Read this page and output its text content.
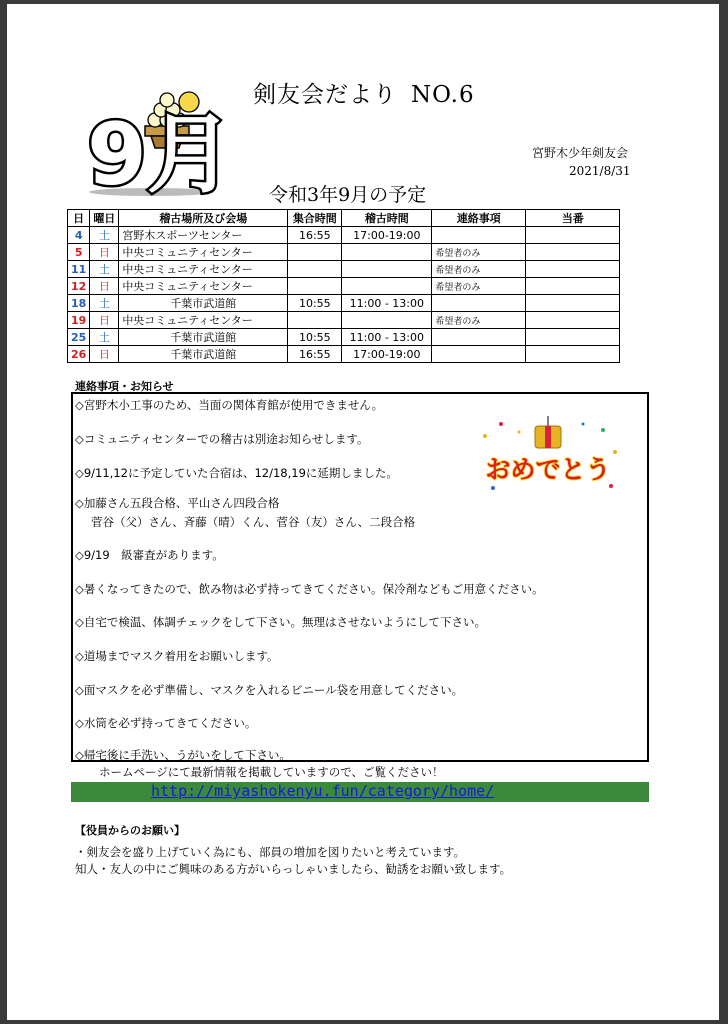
9月
剣友会だより NO.6
宮野木少年剣友会
2021/8/31
令和3年9月の予定
日	曜日	稽古場所及び会場	集合時間	稽古時間	連絡事項	当番
4	土	宮野木スポーツセンター	16:55	17:00-19:00		
5	日	中央コミュニティセンター			希望者のみ	
11	土	中央コミュニティセンター			希望者のみ	
12	日	中央コミュニティセンター			希望者のみ	
18	土	千葉市武道館	10:55	11:00 - 13:00		
19	日	中央コミュニティセンター			希望者のみ	
25	土	千葉市武道館	10:55	11:00 - 13:00		
26	日	千葉市武道館	16:55	17:00-19:00		
連絡事項・お知らせ
◇宮野木小工事のため、当面の関体育館が使用できません。
◇コミュニティセンターでの稽古は別途お知らせします。
◇9/11,12に予定していた合宿は、12/18,19に延期しました。
◇加藤さん五段合格、平山さん四段合格
菅谷（父）さん、斉藤（晴）くん、菅谷（友）さん、二段合格
◇9/19　級審査があります。
◇暑くなってきたので、飲み物は必ず持ってきてください。保冷剤などもご用意ください。
◇自宅で検温、体調チェックをして下さい。無理はさせないようにして下さい。
◇道場までマスク着用をお願いします。
◇面マスクを必ず準備し、マスクを入れるビニール袋を用意してください。
◇水筒を必ず持ってきてください。
◇帰宅後に手洗い、うがいをして下さい。
おめでとう
ホームページにて最新情報を掲載していますので、ご覧ください！
http://miyashokenyu.fun/category/home/
【役員からのお願い】
・剣友会を盛り上げていく為にも、部員の増加を図りたいと考えています。
知人・友人の中にご興味のある方がいらっしゃいましたら、勧誘をお願い致します。
